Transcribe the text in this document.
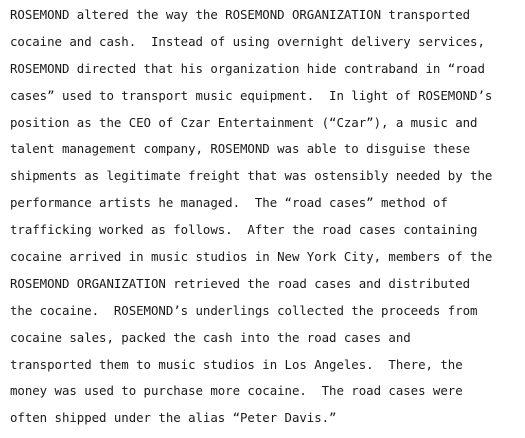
ROSEMOND altered the way the ROSEMOND ORGANIZATION transported
cocaine and cash.  Instead of using overnight delivery services,
ROSEMOND directed that his organization hide contraband in “road
cases” used to transport music equipment.  In light of ROSEMOND’s
position as the CEO of Czar Entertainment (“Czar”), a music and
talent management company, ROSEMOND was able to disguise these
shipments as legitimate freight that was ostensibly needed by the
performance artists he managed.  The “road cases” method of
trafficking worked as follows.  After the road cases containing
cocaine arrived in music studios in New York City, members of the
ROSEMOND ORGANIZATION retrieved the road cases and distributed
the cocaine.  ROSEMOND’s underlings collected the proceeds from
cocaine sales, packed the cash into the road cases and
transported them to music studios in Los Angeles.  There, the
money was used to purchase more cocaine.  The road cases were
often shipped under the alias “Peter Davis.”
